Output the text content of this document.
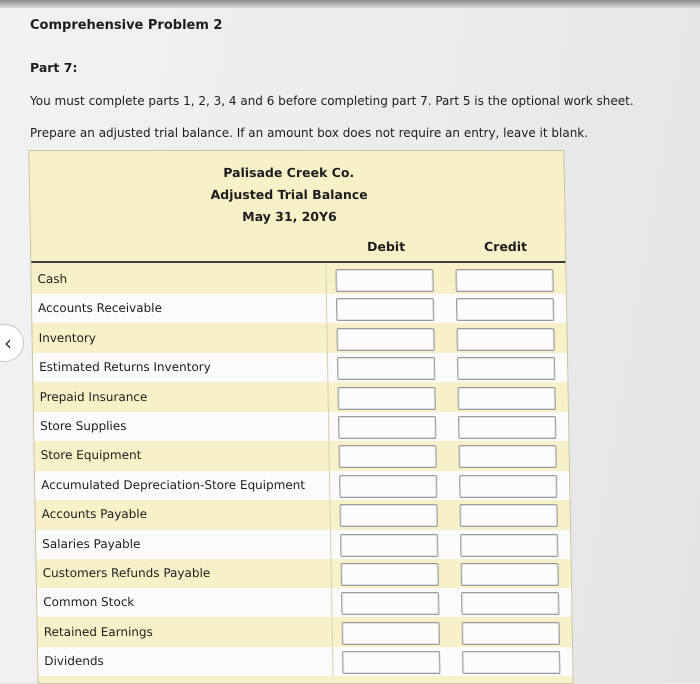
Comprehensive Problem 2
Part 7:
You must complete parts 1, 2, 3, 4 and 6 before completing part 7. Part 5 is the optional work sheet.
Prepare an adjusted trial balance. If an amount box does not require an entry, leave it blank.
Palisade Creek Co.
Adjusted Trial Balance
May 31, 20Y6
Debit	Credit
Cash
Accounts Receivable
Inventory
Estimated Returns Inventory
Prepaid Insurance
Store Supplies
Store Equipment
Accumulated Depreciation-Store Equipment
Accounts Payable
Salaries Payable
Customers Refunds Payable
Common Stock
Retained Earnings
Dividends
‹
